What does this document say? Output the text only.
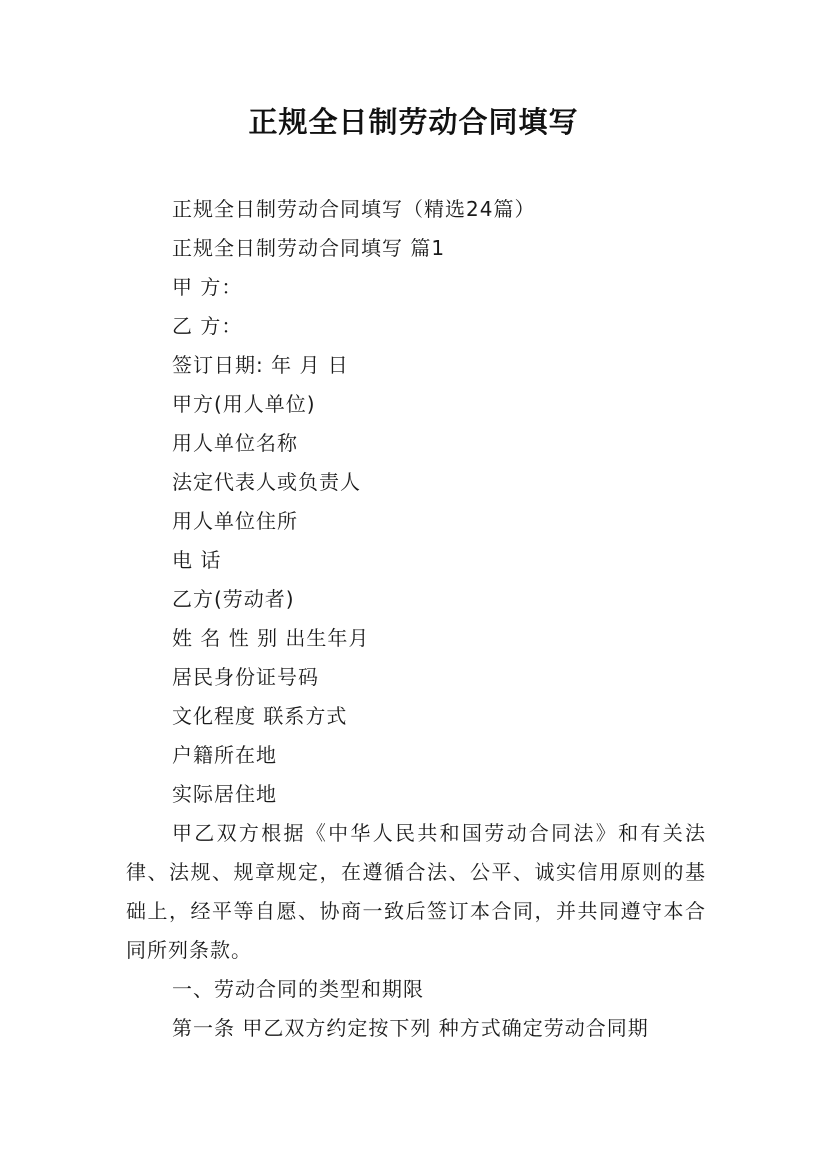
正规全日制劳动合同填写

正规全日制劳动合同填写（精选24篇）

正规全日制劳动合同填写 篇1

甲 方：

乙 方：

签订日期: 年 月 日

甲方(用人单位)

用人单位名称

法定代表人或负责人

用人单位住所

电 话

乙方(劳动者)

姓 名 性 别 出生年月

居民身份证号码

文化程度 联系方式

户籍所在地

实际居住地

甲乙双方根据《中华人民共和国劳动合同法》和有关法律、法规、规章规定，在遵循合法、公平、诚实信用原则的基础上，经平等自愿、协商一致后签订本合同，并共同遵守本合同所列条款。

一、劳动合同的类型和期限

第一条 甲乙双方约定按下列 种方式确定劳动合同期
